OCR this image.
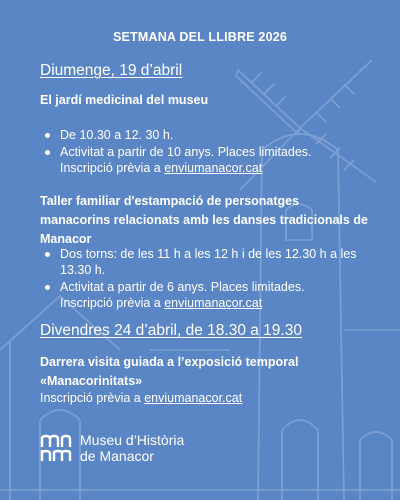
SETMANA DEL LLIBRE 2026
Diumenge, 19 d’abril
El jardí medicinal del museu
De 10.30 a 12. 30 h.
Activitat a partir de 10 anys. Places limitades. Inscripció prèvia a enviumanacor.cat
Taller familiar d'estampació de personatges manacorins relacionats amb les danses tradicionals de Manacor
Dos torns: de les 11 h a les 12 h i de les 12.30 h a les 13.30 h.
Activitat a partir de 6 anys. Places limitades. Inscripció prèvia a enviumanacor.cat
Divendres 24 d’abril, de 18.30 a 19.30
Darrera visita guiada a l’exposició temporal «Manacorinitats»
Inscripció prèvia a enviumanacor.cat
Museu d’Història
de Manacor
